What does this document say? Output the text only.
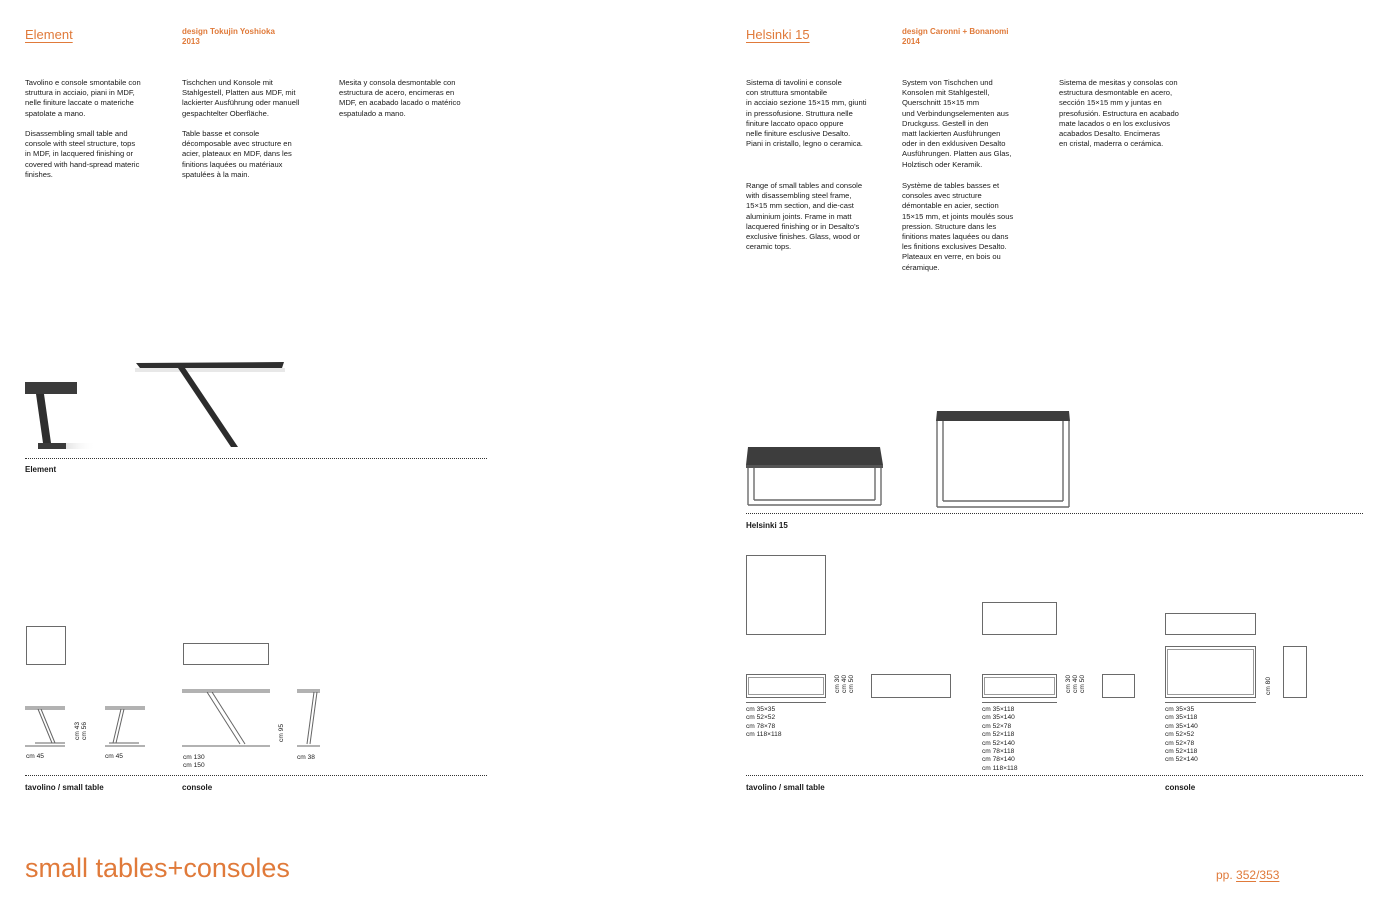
Element	design Tokujin Yoshioka
2013
Tavolino e console smontabile con
struttura in acciaio, piani in MDF,
nelle finiture laccate o materiche
spatolate a mano.
Disassembling small table and
console with steel structure, tops
in MDF, in lacquered finishing or
covered with hand-spread materic
finishes.
Tischchen und Konsole mit
Stahlgestell, Platten aus MDF, mit
lackierter Ausführung oder manuell
gespachtelter Oberfläche.
Table basse et console
décomposable avec structure en
acier, plateaux en MDF, dans les
finitions laquées ou matériaux
spatulées à la main.
Mesita y consola desmontable con
estructura de acero, encimeras en
MDF, en acabado lacado o matérico
espatulado a mano.
Element
cm 43
cm 56
cm 45	cm 45
cm 95
cm 130
cm 150
cm 38
tavolino / small table	console
small tables+consoles
Helsinki 15	design Caronni + Bonanomi
2014
Sistema di tavolini e console
con struttura smontabile
in acciaio sezione 15×15 mm, giunti
in pressofusione. Struttura nelle
finiture laccato opaco oppure
nelle finiture esclusive Desalto.
Piani in cristallo, legno o ceramica.
Range of small tables and console
with disassembling steel frame,
15×15 mm section, and die-cast
aluminium joints. Frame in matt
lacquered finishing or in Desalto's
exclusive finishes. Glass, wood or
ceramic tops.
System von Tischchen und
Konsolen mit Stahlgestell,
Querschnitt 15×15 mm
und Verbindungselementen aus
Druckguss. Gestell in den
matt lackierten Ausführungen
oder in den exklusiven Desalto
Ausführungen. Platten aus Glas,
Holztisch oder Keramik.
Système de tables basses et
consoles avec structure
démontable en acier, section
15×15 mm, et joints moulés sous
pression. Structure dans les
finitions mates laquées ou dans
les finitions exclusives Desalto.
Plateaux en verre, en bois ou
céramique.
Sistema de mesitas y consolas con
estructura desmontable en acero,
sección 15×15 mm y juntas en
presofusión. Estructura en acabado
mate lacados o en los exclusivos
acabados Desalto. Encimeras
en cristal, maderra o cerámica.
Helsinki 15
cm 30
cm 40
cm 50
cm 35×35
cm 52×52
cm 78×78
cm 118×118
cm 30
cm 40
cm 50
cm 35×118
cm 35×140
cm 52×78
cm 52×118
cm 52×140
cm 78×118
cm 78×140
cm 118×118
cm 80
cm 35×35
cm 35×118
cm 35×140
cm 52×52
cm 52×78
cm 52×118
cm 52×140
tavolino / small table	console
pp. 352/353
